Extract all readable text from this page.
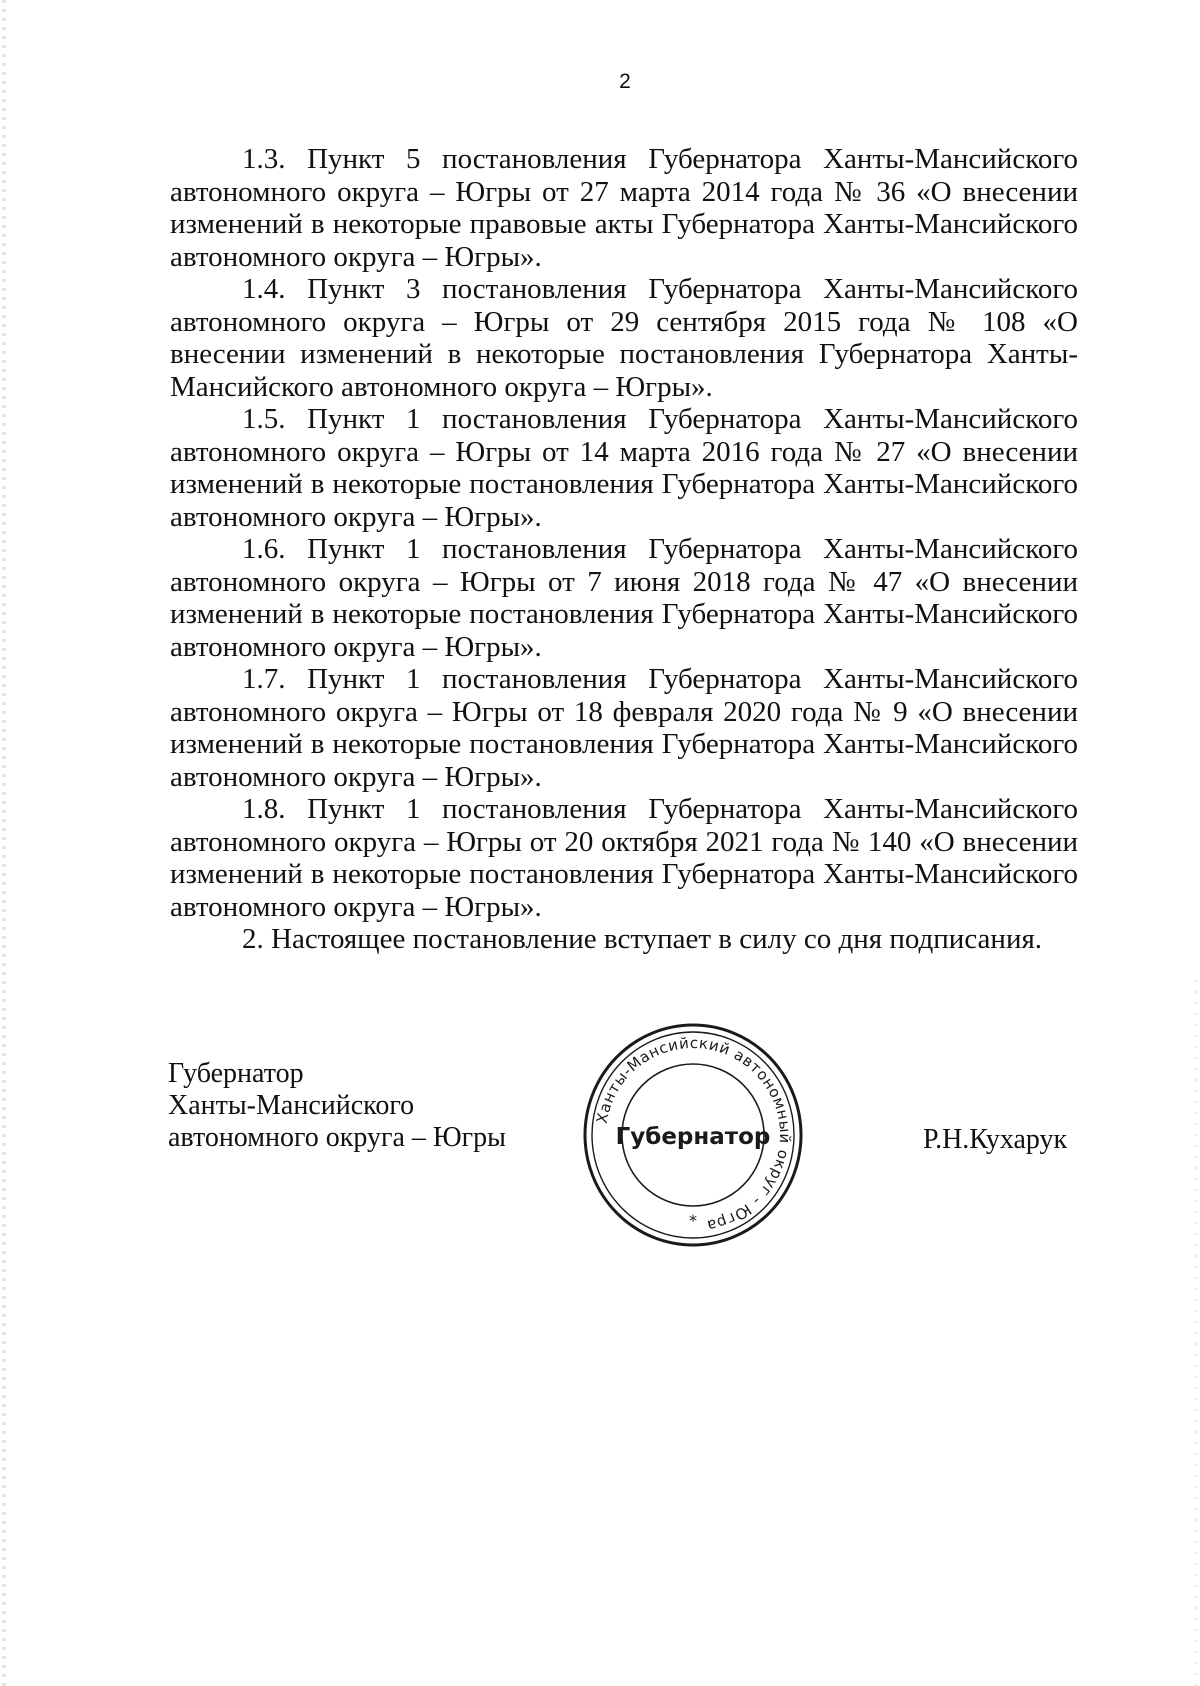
2

1.3. Пункт 5 постановления Губернатора Ханты-Мансийского автономного округа – Югры от 27 марта 2014 года № 36 «О внесении изменений в некоторые правовые акты Губернатора Ханты-Мансийского автономного округа – Югры».

1.4. Пункт 3 постановления Губернатора Ханты-Мансийского автономного округа – Югры от 29 сентября 2015 года № 108 «О внесении изменений в некоторые постановления Губернатора Ханты-Мансийского автономного округа – Югры».

1.5. Пункт 1 постановления Губернатора Ханты-Мансийского автономного округа – Югры от 14 марта 2016 года № 27 «О внесении изменений в некоторые постановления Губернатора Ханты-Мансийского автономного округа – Югры».

1.6. Пункт 1 постановления Губернатора Ханты-Мансийского автономного округа – Югры от 7 июня 2018 года № 47 «О внесении изменений в некоторые постановления Губернатора Ханты-Мансийского автономного округа – Югры».

1.7. Пункт 1 постановления Губернатора Ханты-Мансийского автономного округа – Югры от 18 февраля 2020 года № 9 «О внесении изменений в некоторые постановления Губернатора Ханты-Мансийского автономного округа – Югры».

1.8. Пункт 1 постановления Губернатора Ханты-Мансийского автономного округа – Югры от 20 октября 2021 года № 140 «О внесении изменений в некоторые постановления Губернатора Ханты-Мансийского автономного округа – Югры».

2. Настоящее постановление вступает в силу со дня подписания.

Губернатор
Ханты-Мансийского
автономного округа – Югры
Ханты-Мансийский автономный округ - Югра
Губернатор
*
Р.Н.Кухарук
